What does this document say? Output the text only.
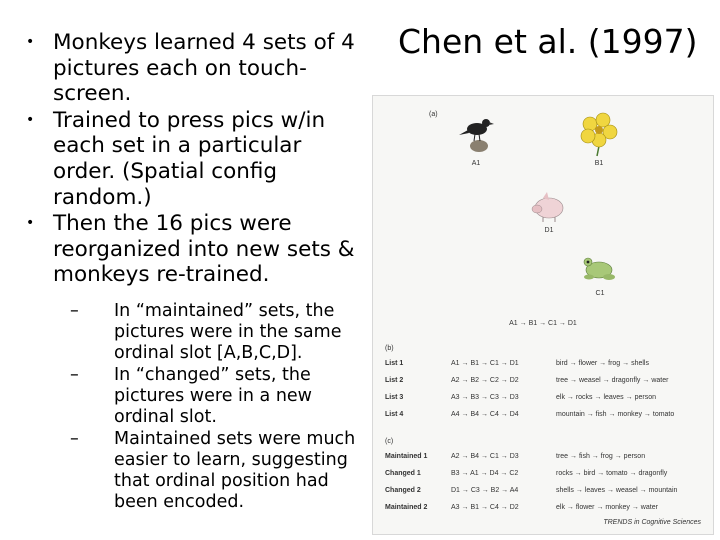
• Monkeys learned 4 sets of 4 pictures each on touch-screen.
• Trained to press pics w/in each set in a particular order. (Spatial config random.)
• Then the 16 pics were reorganized into new sets & monkeys re-trained.
– In “maintained” sets, the pictures were in the same ordinal slot [A,B,C,D].
– In “changed” sets, the pictures were in a new ordinal slot.
– Maintained sets were much easier to learn, suggesting that ordinal position had been encoded.
Chen et al. (1997)
(a)
A1	B1
D1
C1
A1 → B1 → C1 → D1
(b)
List 1	A1 → B1 → C1 → D1	bird → flower → frog → shells
List 2	A2 → B2 → C2 → D2	tree → weasel → dragonfly → water
List 3	A3 → B3 → C3 → D3	elk → rocks → leaves → person
List 4	A4 → B4 → C4 → D4	mountain → fish → monkey → tomato
(c)
Maintained 1	A2 → B4 → C1 → D3	tree → fish → frog → person
Changed 1	B3 → A1 → D4 → C2	rocks → bird → tomato → dragonfly
Changed 2	D1 → C3 → B2 → A4	shells → leaves → weasel → mountain
Maintained 2	A3 → B1 → C4 → D2	elk → flower → monkey → water
TRENDS in Cognitive Sciences
